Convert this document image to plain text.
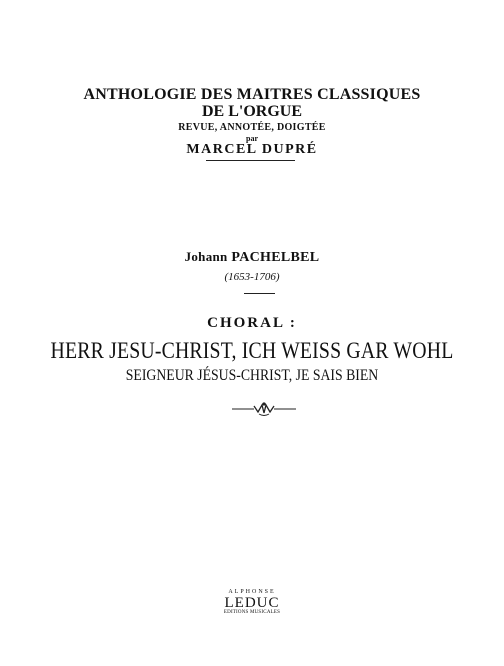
ANTHOLOGIE DES MAITRES CLASSIQUES
DE L'ORGUE
REVUE, ANNOTÉE, DOIGTÉE
par
MARCEL DUPRÉ
Johann PACHELBEL
(1653-1706)
CHORAL :
HERR JESU-CHRIST, ICH WEISS GAR WOHL
SEIGNEUR JÉSUS-CHRIST, JE SAIS BIEN
ALPHONSE
LEDUC
EDITIONS MUSICALES
